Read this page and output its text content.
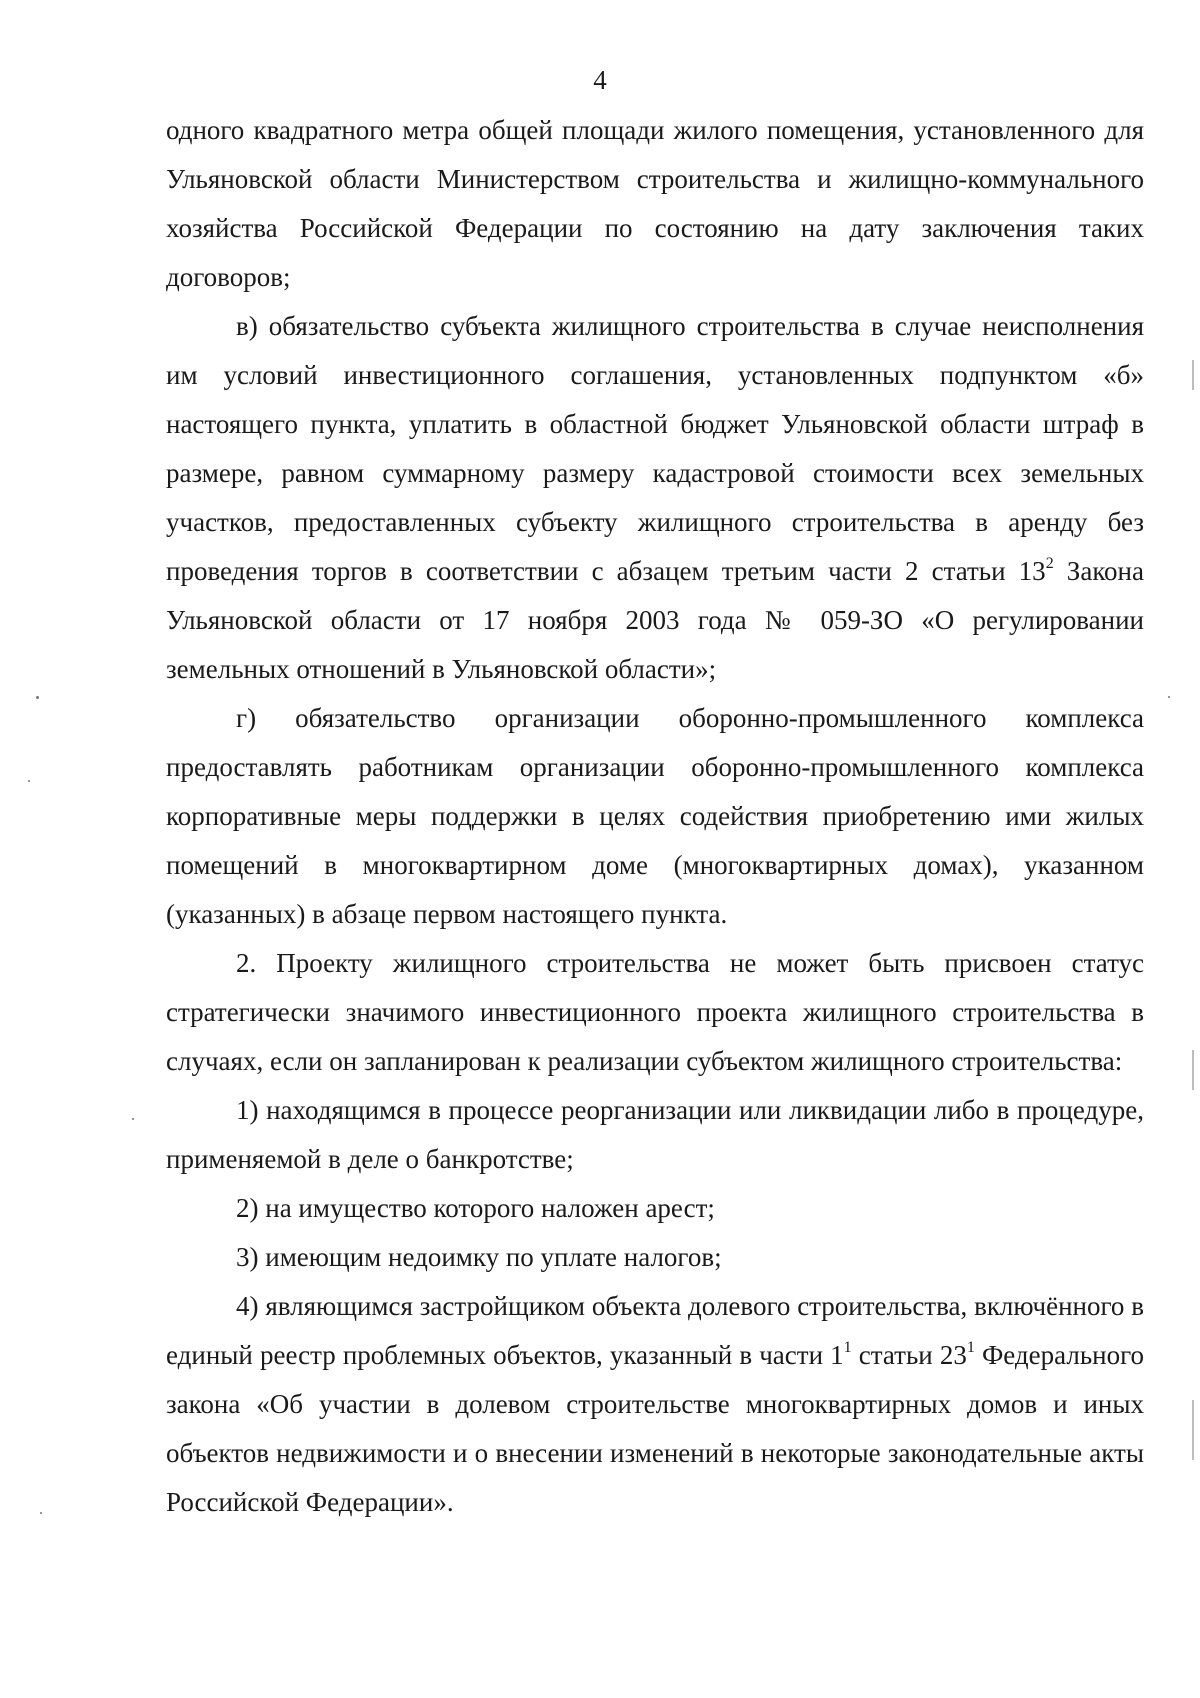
4

одного квадратного метра общей площади жилого помещения, установленного для Ульяновской области Министерством строительства и жилищно-коммунального хозяйства Российской Федерации по состоянию на дату заключения таких договоров;

в) обязательство субъекта жилищного строительства в случае неисполнения им условий инвестиционного соглашения, установленных подпунктом «б» настоящего пункта, уплатить в областной бюджет Ульяновской области штраф в размере, равном суммарному размеру кадастровой стоимости всех земельных участков, предоставленных субъекту жилищного строительства в аренду без проведения торгов в соответствии с абзацем третьим части 2 статьи $13^2$ Закона Ульяновской области от 17 ноября 2003 года № 059-ЗО «О регулировании земельных отношений в Ульяновской области»;

г) обязательство организации оборонно-промышленного комплекса предоставлять работникам организации оборонно-промышленного комплекса корпоративные меры поддержки в целях содействия приобретению ими жилых помещений в многоквартирном доме (многоквартирных домах), указанном (указанных) в абзаце первом настоящего пункта.

2. Проекту жилищного строительства не может быть присвоен статус стратегически значимого инвестиционного проекта жилищного строительства в случаях, если он запланирован к реализации субъектом жилищного строительства:

1) находящимся в процессе реорганизации или ликвидации либо в процедуре, применяемой в деле о банкротстве;

2) на имущество которого наложен арест;

3) имеющим недоимку по уплате налогов;

4) являющимся застройщиком объекта долевого строительства, включённого в единый реестр проблемных объектов, указанный в части $1^1$ статьи $23^1$ Федерального закона «Об участии в долевом строительстве многоквартирных домов и иных объектов недвижимости и о внесении изменений в некоторые законодательные акты Российской Федерации».
